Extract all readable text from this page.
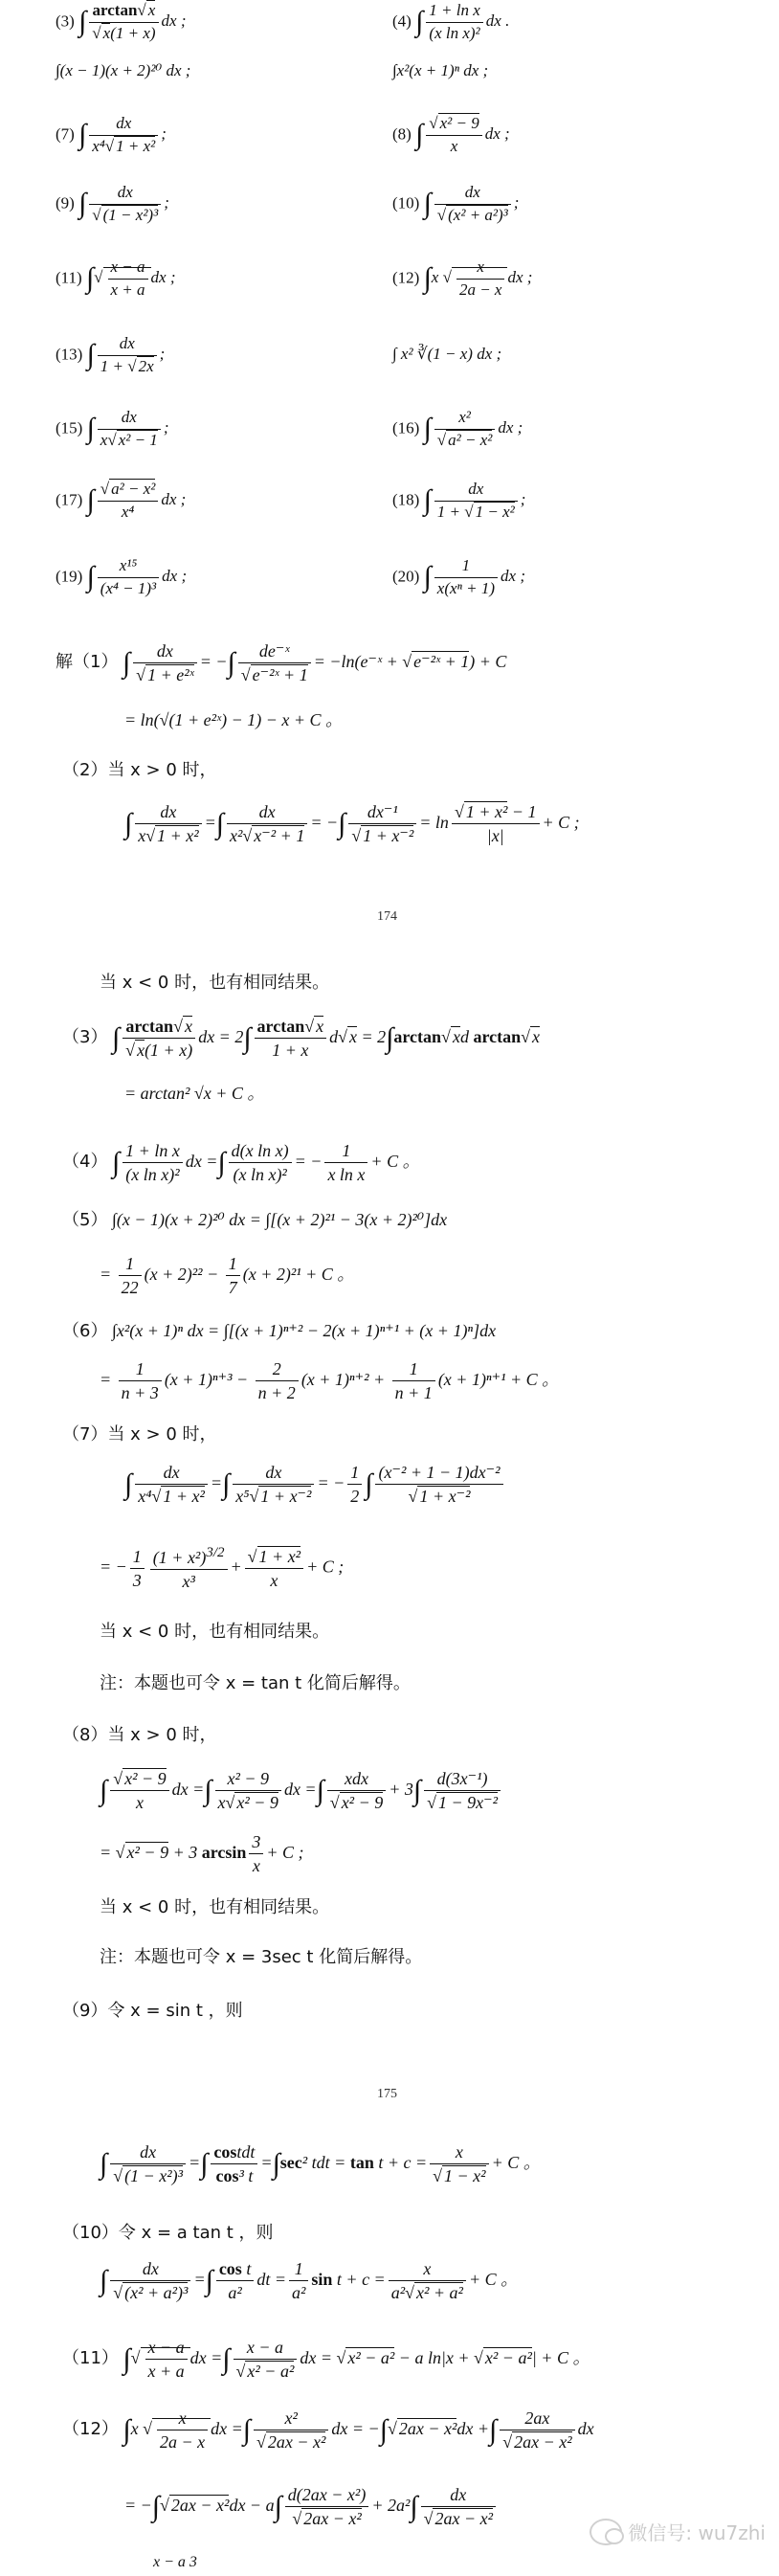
(3) ∫ $\frac{\arctan√ x}{√ x(1 + x)}$ dx ;	(4) ∫ $\frac{\text{1 + ln x}}{\text{(x ln x)²}}$ dx .
∫(x − 1)(x + 2)²⁰ dx ;	∫x²(x + 1)ⁿ dx ;
(7) ∫ $\frac{dx}{\text{x⁴√ 1 + x²}}$ ;	(8) ∫ $\frac{\text{√ x² − 9}}{x}$ dx ;
(9) ∫ $\frac{dx}{\text{√ (1 − x²)³}}$ ;	(10) ∫ $\frac{dx}{\text{√ (x² + a²)³}}$ ;
(11) ∫√ $\frac{x - a}{x + a}$ dx ;	(12) ∫x √ $\frac{x}{2a - x}$ dx ;
(13) ∫ $\frac{dx}{1 + √ 2x}$ ;	∫ x² ∛(1 − x) dx ;
(15) ∫ $\frac{dx}{\text{x√ x² − 1}}$ ;	(16) ∫ $\frac{\text{x²}}{\text{√ a² − x²}}$ dx ;
(17) ∫ $\frac{\text{√ a² − x²}}{\text{x⁴}}$ dx ;	(18) ∫ $\frac{dx}{\text{1 + √ 1 − x²}}$ ;
(19) ∫ $\frac{\text{x¹⁵}}{\text{(x⁴ − 1)³}}$ dx ;	(20) ∫ $\frac{1}{\text{x(xⁿ + 1)}}$ dx ;
解（1） ∫ $\frac{dx}{\text{√ 1 + e²ˣ}}$ = −∫ $\frac{\text{de⁻ˣ}}{\text{√ e⁻²ˣ + 1}}$ = −ln(e⁻ˣ + √ e⁻²ˣ + 1) + C
= ln(√(1 + e²ˣ) − 1) − x + C 。
（2）当 x > 0 时，
∫ $\frac{dx}{\text{x√ 1 + x²}}$ =∫ $\frac{dx}{\text{x²√ x⁻² + 1}}$ = −∫ $\frac{\text{dx⁻¹}}{\text{√ 1 + x⁻²}} = \ln \frac{\text{√ 1 + x² − 1}}{|x|} + C$ ;
174
当 x < 0 时，也有相同结果。
（3） ∫ $\frac{\arctan√ x}{√ x(1 + x)}$ dx = $2\int \frac{\arctan√ x}{1 + x} d√$ x = 2∫arctan√ xd arctan√ x
= arctan² √x + C 。
（4） ∫ $\frac{\text{1 + ln x}}{\text{(x ln x)²}}$ dx =∫ $\frac{\text{d(x ln x)}}{\text{(x ln x)²}}$ = − $\frac{1}{\text{x ln x}} + C$ 。
（5） ∫(x − 1)(x + 2)²⁰ dx = ∫[(x + 2)²¹ − 3(x + 2)²⁰]dx
= $\frac{1}{22} (x + 2)^{22} - \frac{1}{7} (x + 2)^{21} + C$ 。
（6） ∫x²(x + 1)ⁿ dx = ∫[(x + 1)ⁿ⁺² − 2(x + 1)ⁿ⁺¹ + (x + 1)ⁿ]dx
= $\frac{1}{n + 3} (x + 1)^{n+3} - \frac{2}{n + 2} (x + 1)^{n+2} + \frac{1}{n + 1} (x + 1)^{n+1} + C$ 。
（7）当 x > 0 时，
∫ $\frac{dx}{\text{x⁴√ 1 + x²}}$ =∫ $\frac{dx}{\text{x⁵√ 1 + x⁻²}}$ = − $\frac{1}{2}$ ∫ $\frac{\text{(x⁻² + 1 − 1)dx⁻²}}{\text{√ 1 + x⁻²}}$
= − $\frac{1}{3} \frac{(1 + x^2)^{3/2}}{\text{x³}} + \frac{\text{√ 1 + x²}}{x} + C$ ;
当 x < 0 时，也有相同结果。
注：本题也可令 x = tan t 化简后解得。
（8）当 x > 0 时，
∫ $\frac{\text{√ x² − 9}}{x}$ dx =∫ $\frac{\text{x² − 9}}{\text{x√ x² − 9}}$ dx =∫ $\frac{\text{xdx}}{\text{√ x² − 9}} + 3\int \frac{\text{d(3x⁻¹)}}{\text{√ 1 − 9x⁻²}}$
= √ x² − 9 + 3 $\arcsin \frac{3}{x} + C$ ;
当 x < 0 时，也有相同结果。
注：本题也可令 x = 3sec t 化简后解得。
（9）令 x = sin t ，则
175
∫ $\frac{dx}{\text{√ (1 − x²)³}}$ =∫ $\frac{\text{costdt}}{\text{cos³ t}} =\int\sec^2$ tdt = $\tan t + c = \frac{x}{\text{√ 1 − x²}} + C$ 。
（10）令 x = a tan t ，则
∫ $\frac{dx}{\text{√ (x² + a²)³}}$ =∫ $\frac{\text{cos t}}{\text{a²}}$ dt = $\frac{1}{\text{a²}}$ $\sin t + c = \frac{x}{\text{a²√ x² + a²}} + C$ 。
（11） ∫√ $\frac{x - a}{x + a}$ dx =∫ $\frac{x - a}{\text{√ x² − a²}}$ dx = √ x² − a² − a ln|x + √ x² − a²| + C 。
（12） ∫x √ $\frac{x}{2a - x}$ dx =∫ $\frac{\text{x²}}{\text{√ 2ax − x²}}$ dx = −∫√ 2ax − x²dx +∫ $\frac{2ax}{\text{√ 2ax − x²}}$ dx
= −∫√ $2ax - x^2dx - a\int \frac{\text{d(2ax − x²)}}{\text{√ 2ax − x²}} + 2a^2\int \frac{dx}{\text{√ 2ax − x²}}$
x − a 3
微信号: wu7zhi
